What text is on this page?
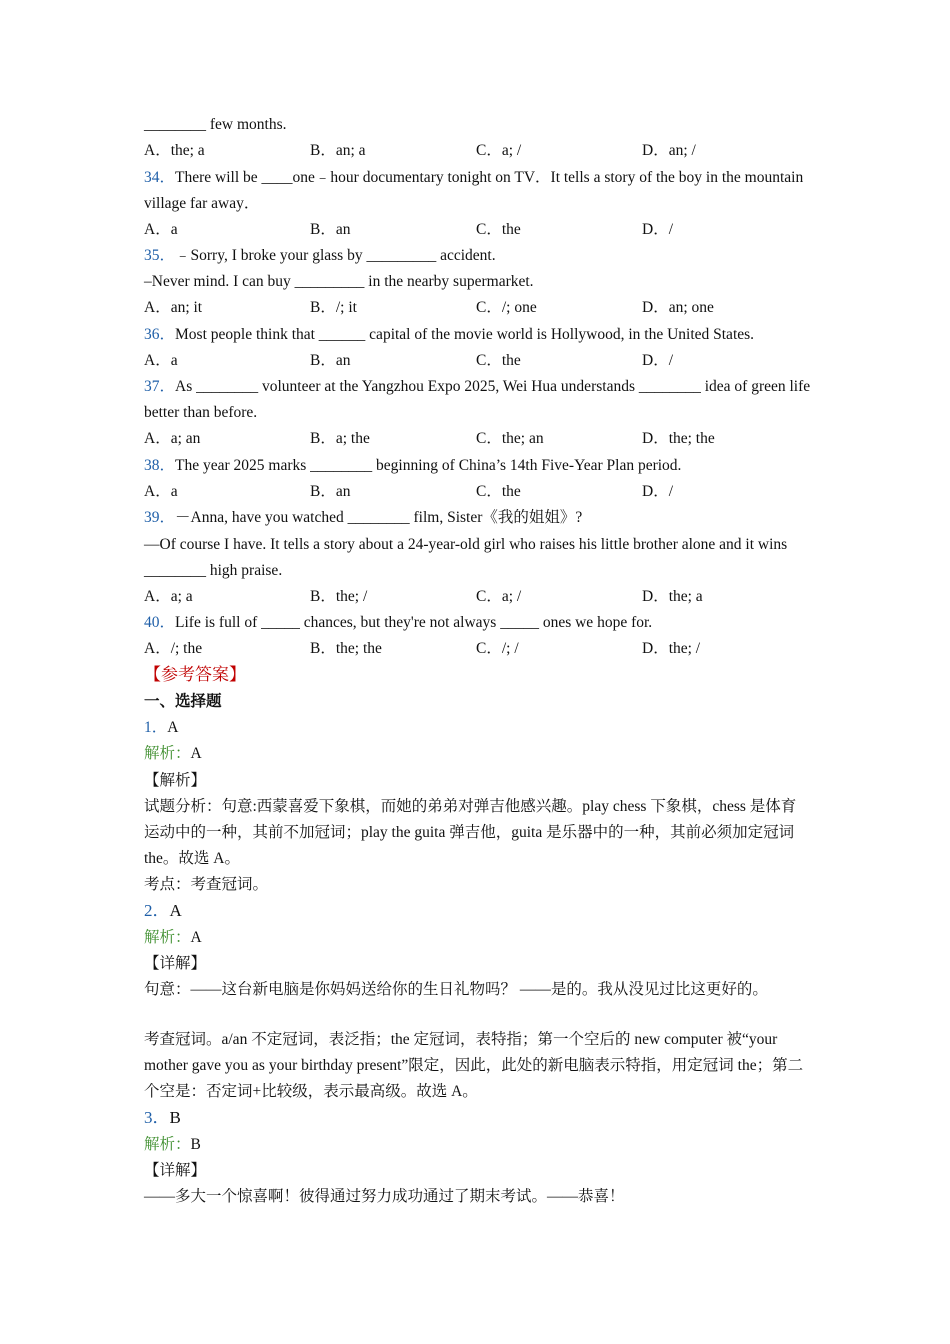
________ few months.
A．the; a	B．an; a	C．a; /	D．an; /
34．There will be ____one﹣hour documentary tonight on TV．It tells a story of the boy in the mountain village far away．
A．a	B．an	C．the	D．/
35．﹣Sorry, I broke your glass by _________ accident.
–Never mind. I can buy _________ in the nearby supermarket.
A．an; it	B．/; it	C．/; one	D．an; one
36．Most people think that ______ capital of the movie world is Hollywood, in the United States.
A．a	B．an	C．the	D．/
37．As ________ volunteer at the Yangzhou Expo 2025, Wei Hua understands ________ idea of green life better than before.
A．a; an	B．a; the	C．the; an	D．the; the
38．The year 2025 marks ________ beginning of China’s 14th Five-Year Plan period.
A．a	B．an	C．the	D．/
39．－Anna, have you watched ________ film, Sister《我的姐姐》?
—Of course I have. It tells a story about a 24-year-old girl who raises his little brother alone and it wins ________ high praise.
A．a; a	B．the; /	C．a; /	D．the; a
40．Life is full of _____ chances, but they're not always _____ ones we hope for.
A．/; the	B．the; the	C．/; /	D．the; /
【参考答案】
一、选择题
1．A
解析：A
【解析】
试题分析：句意:西蒙喜爱下象棋，而她的弟弟对弹吉他感兴趣。play chess 下象棋，chess 是体育运动中的一种，其前不加冠词；play the guita 弹吉他，guita 是乐器中的一种，其前必须加定冠词 the。故选 A。
考点：考查冠词。
2．A
解析：A
【详解】
句意：——这台新电脑是你妈妈送给你的生日礼物吗？ ——是的。我从没见过比这更好的。
考查冠词。a/an 不定冠词，表泛指；the 定冠词，表特指；第一个空后的 new computer 被“your mother gave you as your birthday present”限定，因此，此处的新电脑表示特指，用定冠词 the；第二个空是：否定词+比较级，表示最高级。故选 A。
3．B
解析：B
【详解】
——多大一个惊喜啊！彼得通过努力成功通过了期末考试。——恭喜！
